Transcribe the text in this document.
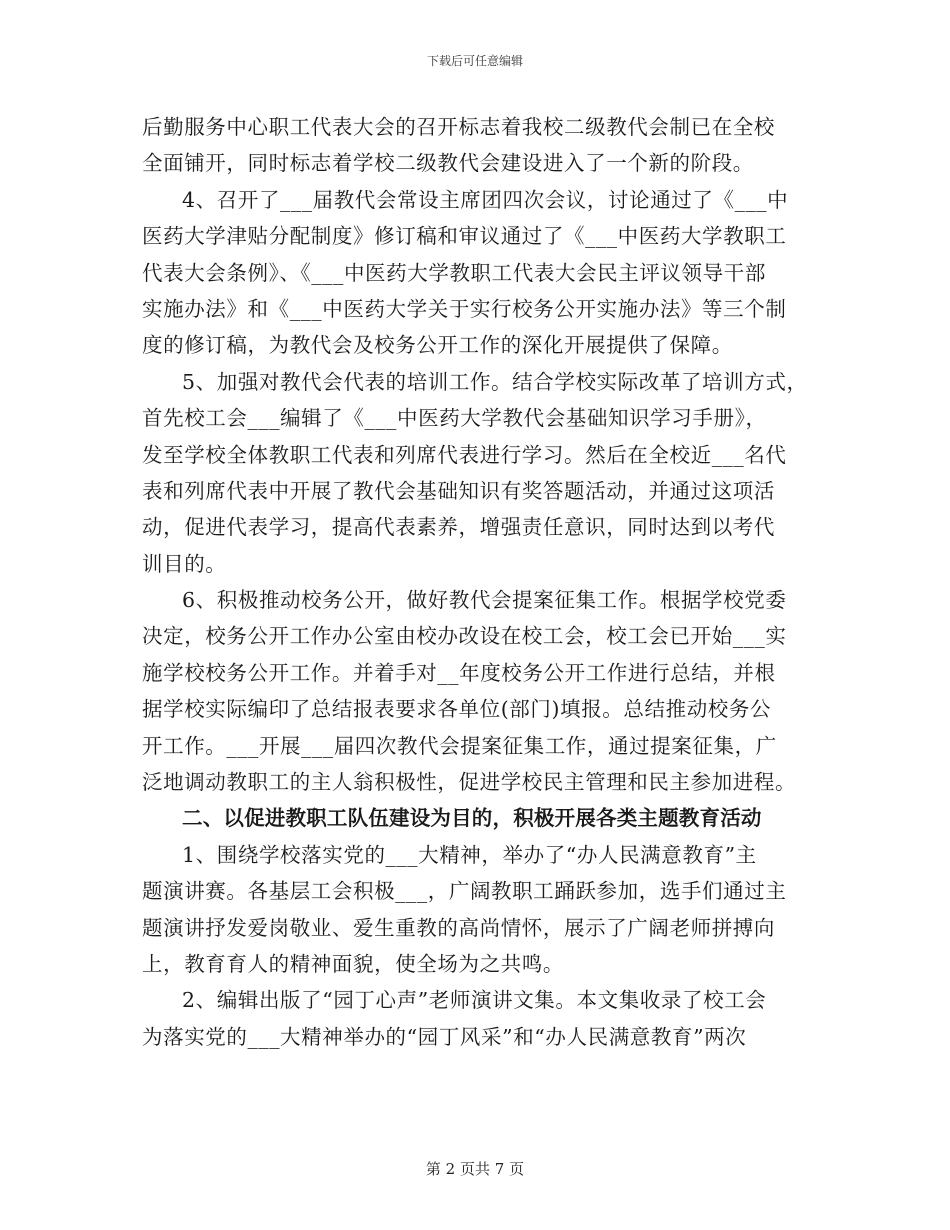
下载后可任意编辑
后勤服务中心职工代表大会的召开标志着我校二级教代会制已在全校
全面铺开，同时标志着学校二级教代会建设进入了一个新的阶段。
4、召开了___届教代会常设主席团四次会议，讨论通过了《___中
医药大学津贴分配制度》修订稿和审议通过了《___中医药大学教职工
代表大会条例》、《___中医药大学教职工代表大会民主评议领导干部
实施办法》和《___中医药大学关于实行校务公开实施办法》等三个制
度的修订稿，为教代会及校务公开工作的深化开展提供了保障。
5、加强对教代会代表的培训工作。结合学校实际改革了培训方式，
首先校工会___编辑了《___中医药大学教代会基础知识学习手册》，
发至学校全体教职工代表和列席代表进行学习。然后在全校近___名代
表和列席代表中开展了教代会基础知识有奖答题活动，并通过这项活
动，促进代表学习，提高代表素养，增强责任意识，同时达到以考代
训目的。
6、积极推动校务公开，做好教代会提案征集工作。根据学校党委
决定，校务公开工作办公室由校办改设在校工会，校工会已开始___实
施学校校务公开工作。并着手对__年度校务公开工作进行总结，并根
据学校实际编印了总结报表要求各单位(部门)填报。总结推动校务公
开工作。___开展___届四次教代会提案征集工作，通过提案征集，广
泛地调动教职工的主人翁积极性，促进学校民主管理和民主参加进程。
二、以促进教职工队伍建设为目的，积极开展各类主题教育活动
1、围绕学校落实党的___大精神，举办了“办人民满意教育”主
题演讲赛。各基层工会积极___，广阔教职工踊跃参加，选手们通过主
题演讲抒发爱岗敬业、爱生重教的高尚情怀，展示了广阔老师拼搏向
上，教育育人的精神面貌，使全场为之共鸣。
2、编辑出版了“园丁心声”老师演讲文集。本文集收录了校工会
为落实党的___大精神举办的“园丁风采”和“办人民满意教育”两次
第 2 页共 7 页
